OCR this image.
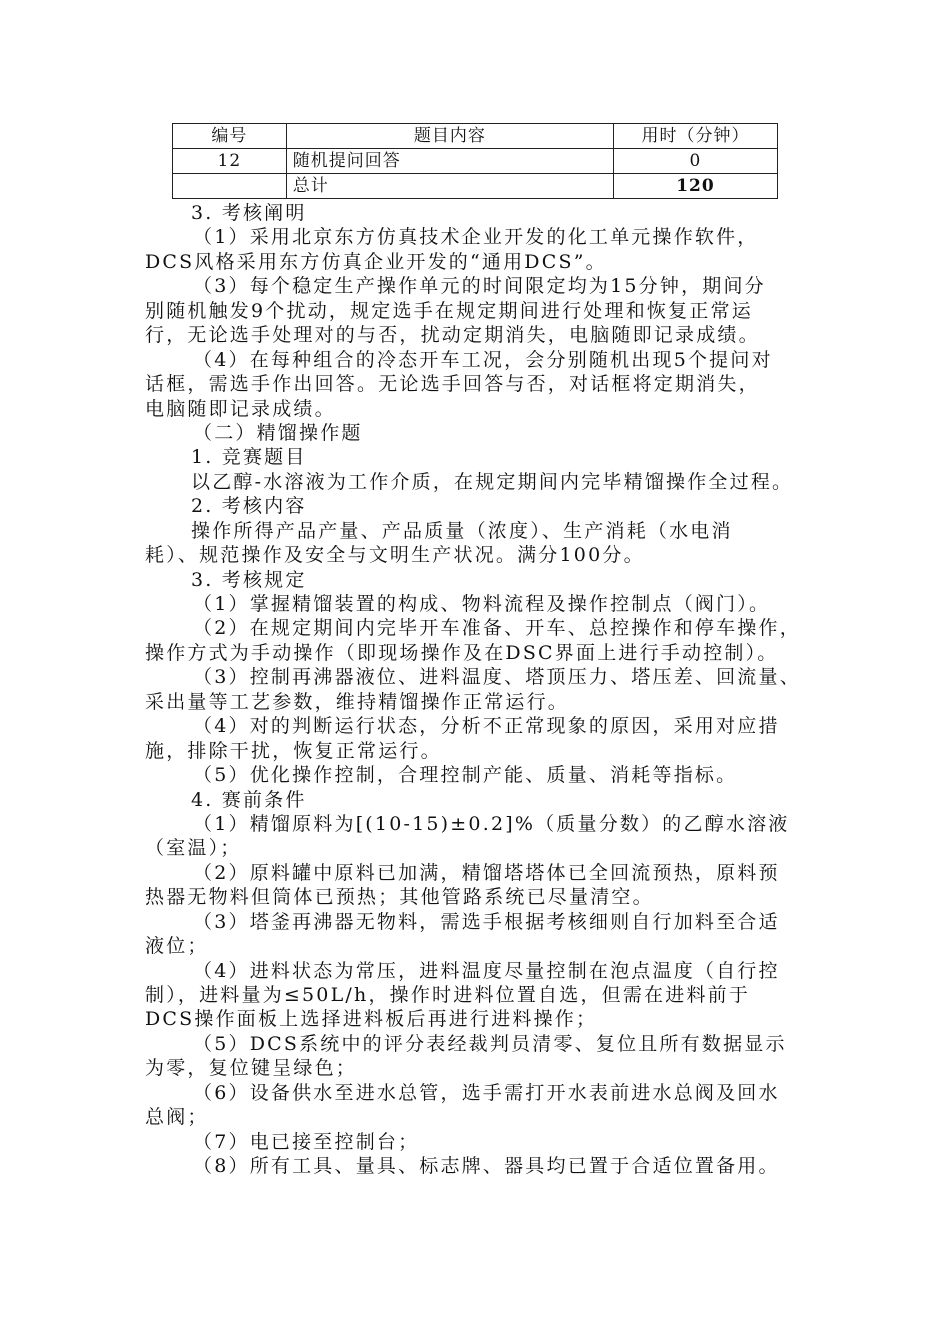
编号	题目内容	用时（分钟）
12	随机提问回答	0
	总计	120
3. 考核阐明
（1）采用北京东方仿真技术企业开发的化工单元操作软件，
DCS风格采用东方仿真企业开发的“通用DCS”。
（3）每个稳定生产操作单元的时间限定均为15分钟，期间分
别随机触发9个扰动，规定选手在规定期间进行处理和恢复正常运
行，无论选手处理对的与否，扰动定期消失，电脑随即记录成绩。
（4）在每种组合的冷态开车工况，会分别随机出现5个提问对
话框，需选手作出回答。无论选手回答与否，对话框将定期消失，
电脑随即记录成绩。
（二）精馏操作题
1. 竞赛题目
以乙醇-水溶液为工作介质，在规定期间内完毕精馏操作全过程。
2. 考核内容
操作所得产品产量、产品质量（浓度）、生产消耗（水电消
耗）、规范操作及安全与文明生产状况。满分100分。
3. 考核规定
（1）掌握精馏装置的构成、物料流程及操作控制点（阀门）。
（2）在规定期间内完毕开车准备、开车、总控操作和停车操作，
操作方式为手动操作（即现场操作及在DSC界面上进行手动控制）。
（3）控制再沸器液位、进料温度、塔顶压力、塔压差、回流量、
采出量等工艺参数，维持精馏操作正常运行。
（4）对的判断运行状态，分析不正常现象的原因，采用对应措
施，排除干扰，恢复正常运行。
（5）优化操作控制，合理控制产能、质量、消耗等指标。
4. 赛前条件
（1）精馏原料为[(10-15)±0.2]%（质量分数）的乙醇水溶液
（室温）；
（2）原料罐中原料已加满，精馏塔塔体已全回流预热，原料预
热器无物料但筒体已预热；其他管路系统已尽量清空。
（3）塔釜再沸器无物料，需选手根据考核细则自行加料至合适
液位；
（4）进料状态为常压，进料温度尽量控制在泡点温度（自行控
制），进料量为≤50L/h，操作时进料位置自选，但需在进料前于
DCS操作面板上选择进料板后再进行进料操作；
（5）DCS系统中的评分表经裁判员清零、复位且所有数据显示
为零，复位键呈绿色；
（6）设备供水至进水总管，选手需打开水表前进水总阀及回水
总阀；
（7）电已接至控制台；
（8）所有工具、量具、标志牌、器具均已置于合适位置备用。
